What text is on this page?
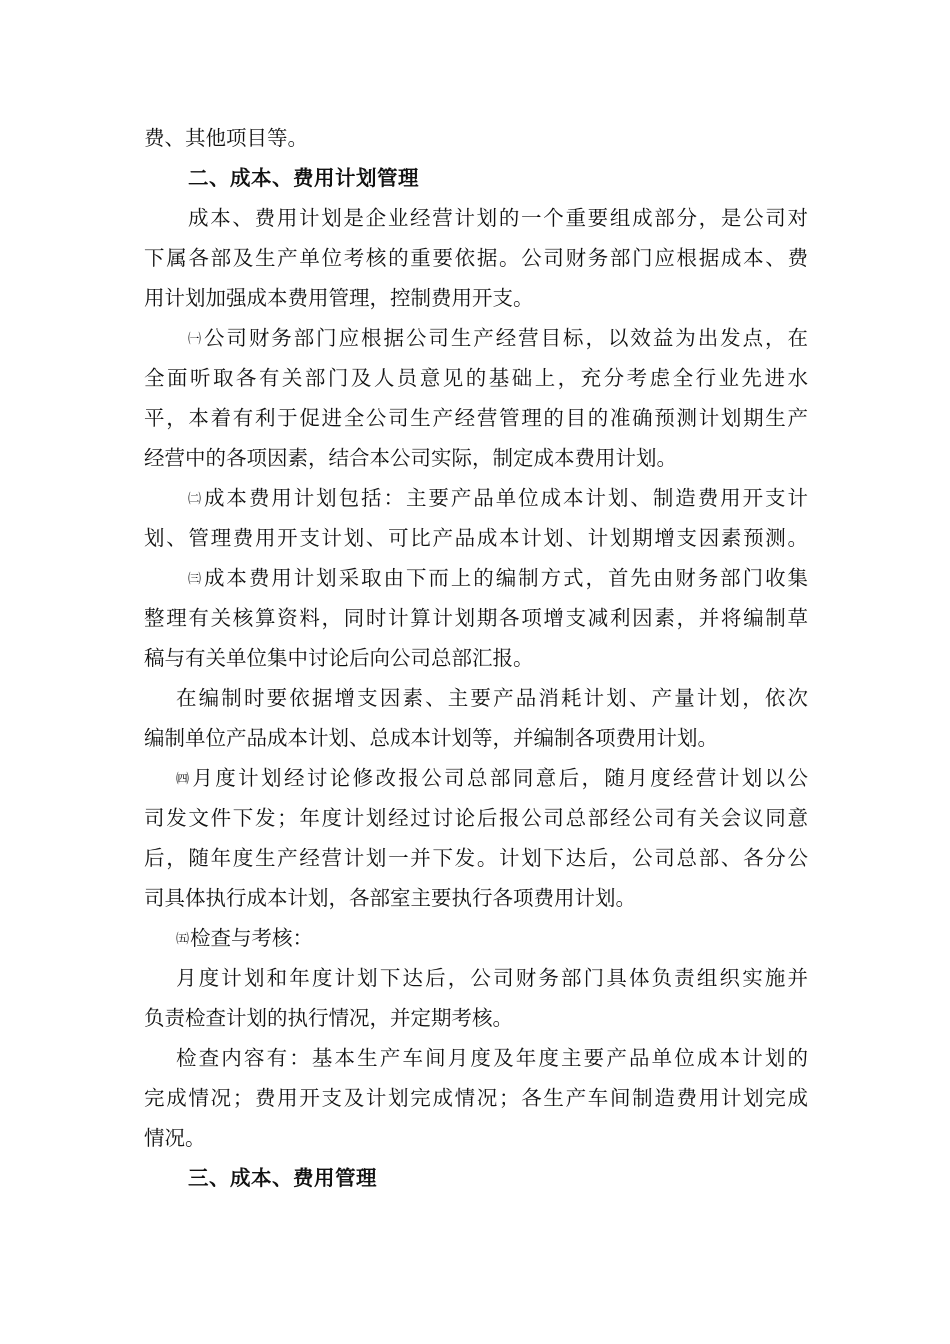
费、其他项目等。
二、成本、费用计划管理
成本、费用计划是企业经营计划的一个重要组成部分，是公司对
下属各部及生产单位考核的重要依据。公司财务部门应根据成本、费
用计划加强成本费用管理，控制费用开支。
㈠公司财务部门应根据公司生产经营目标，以效益为出发点，在
全面听取各有关部门及人员意见的基础上，充分考虑全行业先进水
平，本着有利于促进全公司生产经营管理的目的准确预测计划期生产
经营中的各项因素，结合本公司实际，制定成本费用计划。
㈡成本费用计划包括：主要产品单位成本计划、制造费用开支计
划、管理费用开支计划、可比产品成本计划、计划期增支因素预测。
㈢成本费用计划采取由下而上的编制方式，首先由财务部门收集
整理有关核算资料，同时计算计划期各项增支减利因素，并将编制草
稿与有关单位集中讨论后向公司总部汇报。
在编制时要依据增支因素、主要产品消耗计划、产量计划，依次
编制单位产品成本计划、总成本计划等，并编制各项费用计划。
㈣月度计划经讨论修改报公司总部同意后，随月度经营计划以公
司发文件下发；年度计划经过讨论后报公司总部经公司有关会议同意
后，随年度生产经营计划一并下发。计划下达后，公司总部、各分公
司具体执行成本计划，各部室主要执行各项费用计划。
㈤检查与考核：
月度计划和年度计划下达后，公司财务部门具体负责组织实施并
负责检查计划的执行情况，并定期考核。
检查内容有：基本生产车间月度及年度主要产品单位成本计划的
完成情况；费用开支及计划完成情况；各生产车间制造费用计划完成
情况。
三、成本、费用管理
